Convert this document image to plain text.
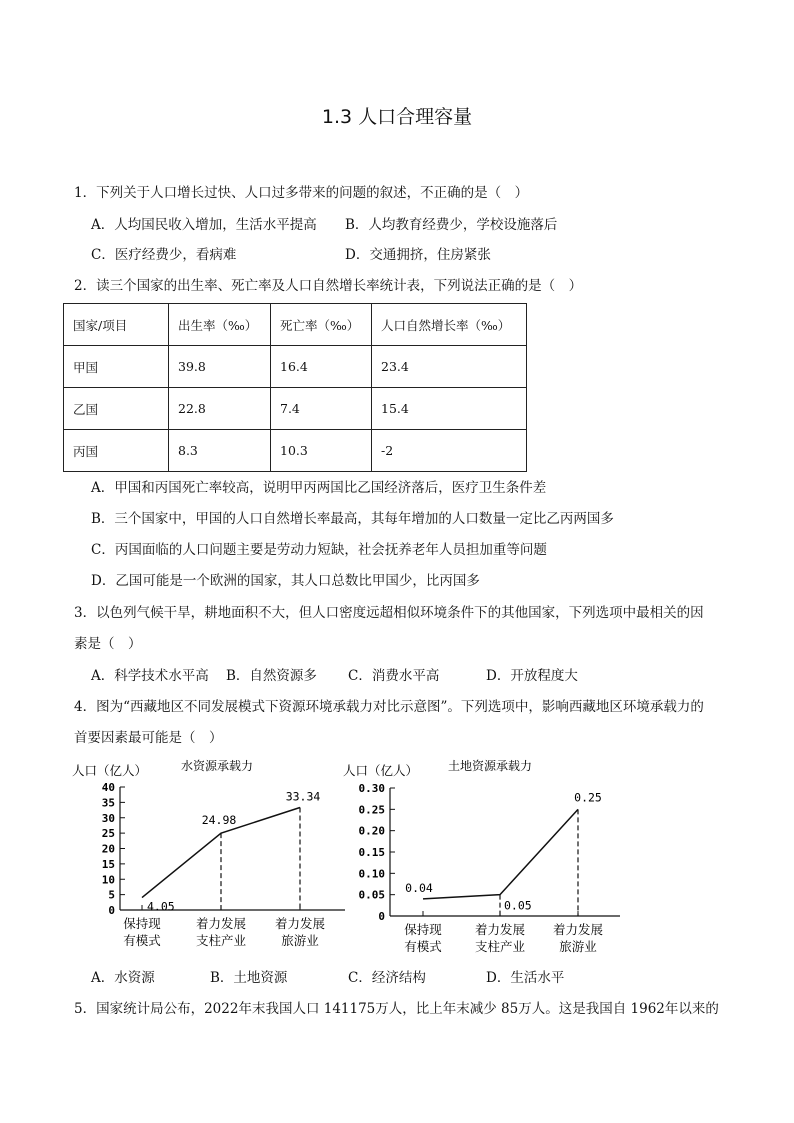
1.3 人口合理容量
1．下列关于人口增长过快、人口过多带来的问题的叙述，不正确的是（　）
A．人均国民收入增加，生活水平提高 B．人均教育经费少，学校设施落后
C．医疗经费少，看病难	D．交通拥挤，住房紧张
2．读三个国家的出生率、死亡率及人口自然增长率统计表，下列说法正确的是（　）
国家/项目	出生率（‰）	死亡率（‰）	人口自然增长率（‰）
甲国	39.8	16.4	23.4
乙国	22.8	7.4	15.4
丙国	8.3	10.3	-2
A．甲国和丙国死亡率较高，说明甲丙两国比乙国经济落后，医疗卫生条件差
B．三个国家中，甲国的人口自然增长率最高，其每年增加的人口数量一定比乙丙两国多
C．丙国面临的人口问题主要是劳动力短缺，社会抚养老年人员担加重等问题
D．乙国可能是一个欧洲的国家，其人口总数比甲国少，比丙国多
3．以色列气候干旱，耕地面积不大，但人口密度远超相似环境条件下的其他国家，下列选项中最相关的因
素是（　）
A．科学技术水平高 B．自然资源多 C．消费水平高	D．开放程度大
4．图为“西藏地区不同发展模式下资源环境承载力对比示意图”。下列选项中，影响西藏地区环境承载力的
首要因素最可能是（　）
人口（亿人）	水资源承载力
0
5
10
15
20
25
30
35
40
保持现
有模式
着力发展
支柱产业
着力发展
旅游业
4.05
24.98
33.34
人口（亿人） 土地资源承载力
0
0.05
0.10
0.15
0.20
0.25
0.30
保持现
有模式
着力发展
支柱产业
着力发展
旅游业
0.04
0.05
0.25
A．水资源	B．土地资源	C．经济结构	D．生活水平
5．国家统计局公布，2022年末我国人口 141175万人，比上年末减少 85万人。这是我国自 1962年以来的
